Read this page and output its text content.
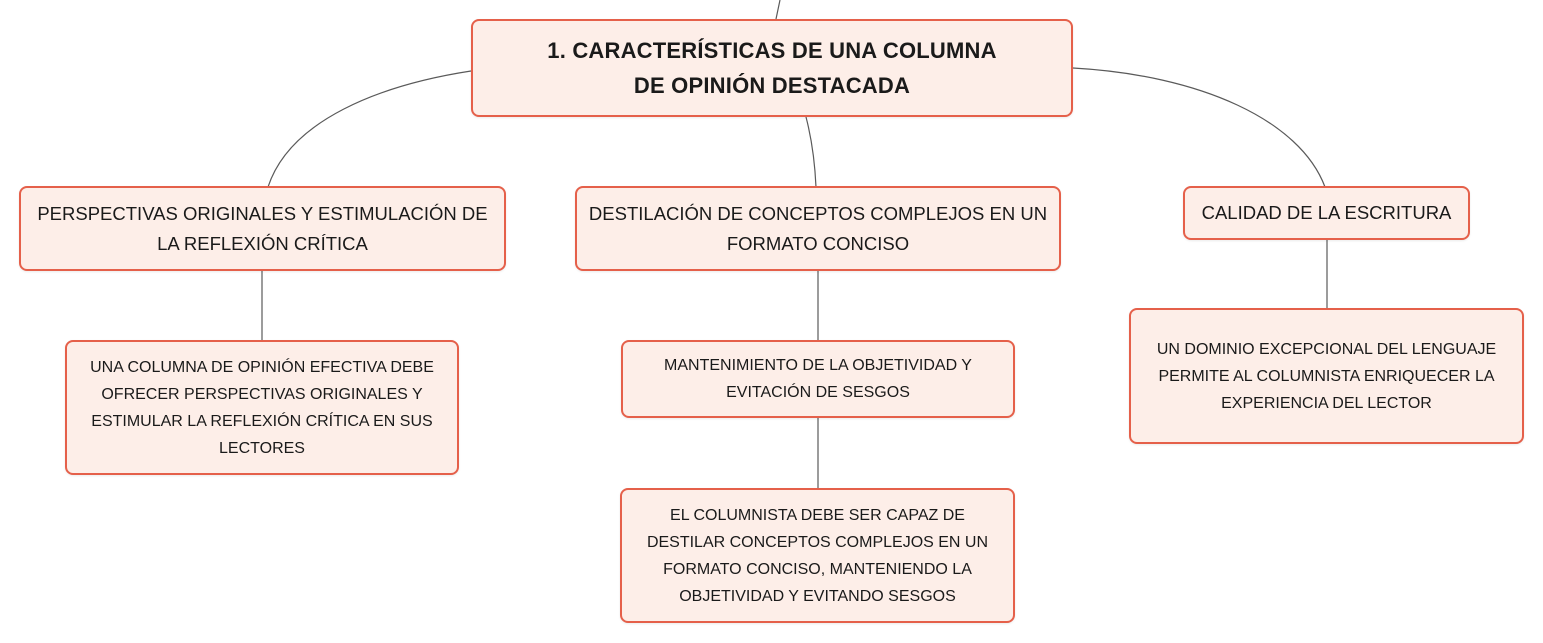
1. CARACTERÍSTICAS DE UNA COLUMNA DE OPINIÓN DESTACADA
PERSPECTIVAS ORIGINALES Y ESTIMULACIÓN DE LA REFLEXIÓN CRÍTICA
DESTILACIÓN DE CONCEPTOS COMPLEJOS EN UN FORMATO CONCISO
CALIDAD DE LA ESCRITURA
UNA COLUMNA DE OPINIÓN EFECTIVA DEBE OFRECER PERSPECTIVAS ORIGINALES Y ESTIMULAR LA REFLEXIÓN CRÍTICA EN SUS LECTORES
MANTENIMIENTO DE LA OBJETIVIDAD Y EVITACIÓN DE SESGOS
EL COLUMNISTA DEBE SER CAPAZ DE DESTILAR CONCEPTOS COMPLEJOS EN UN FORMATO CONCISO, MANTENIENDO LA OBJETIVIDAD Y EVITANDO SESGOS
UN DOMINIO EXCEPCIONAL DEL LENGUAJE PERMITE AL COLUMNISTA ENRIQUECER LA EXPERIENCIA DEL LECTOR
